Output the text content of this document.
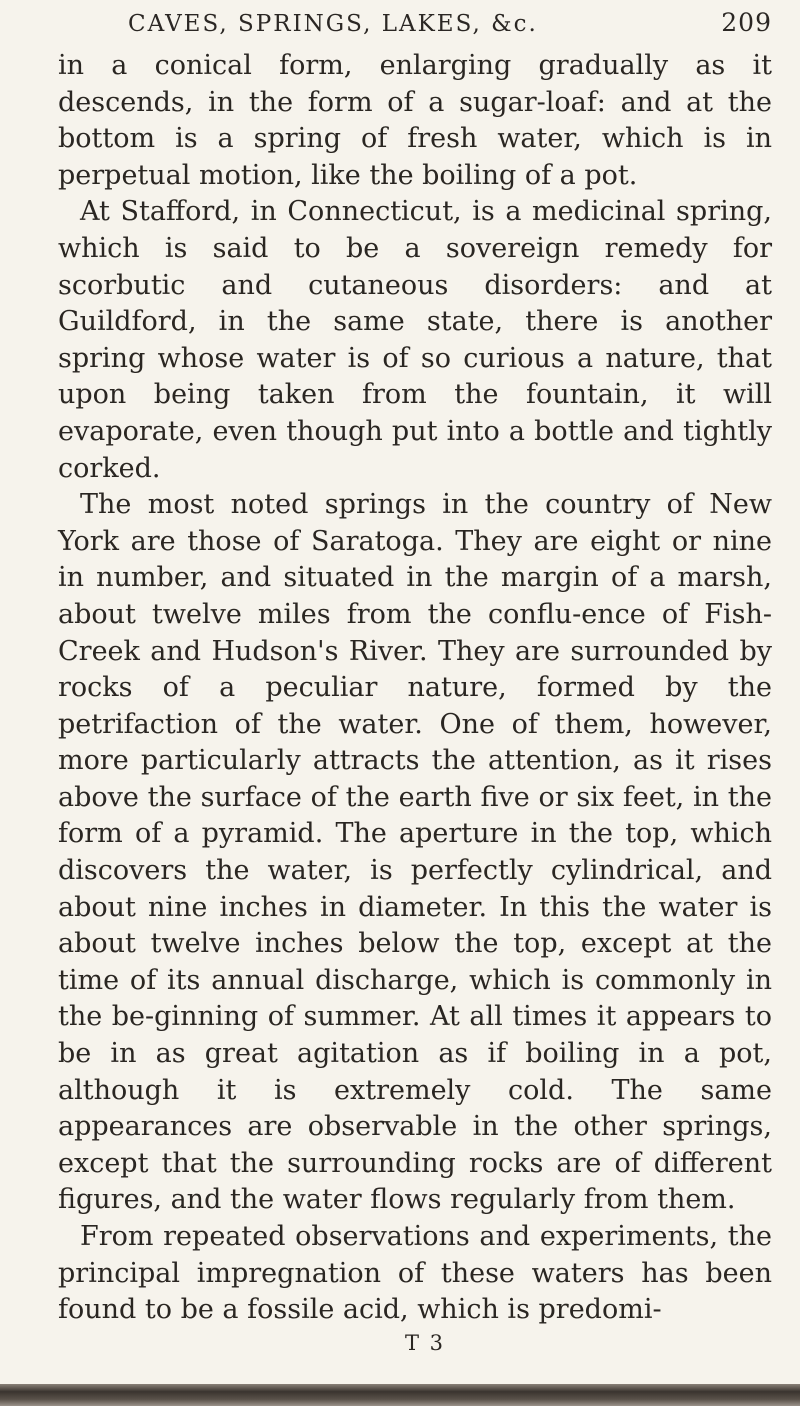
CAVES, SPRINGS, LAKES, &c.	209

in a conical form, enlarging gradually as it descends, in the form of a sugar-loaf: and at the bottom is a spring of fresh water, which is in perpetual motion, like the boiling of a pot.

At Stafford, in Connecticut, is a medicinal spring, which is said to be a sovereign remedy for scorbutic and cutaneous disorders: and at Guildford, in the same state, there is another spring whose water is of so curious a nature, that upon being taken from the fountain, it will evaporate, even though put into a bottle and tightly corked.

The most noted springs in the country of New York are those of Saratoga. They are eight or nine in number, and situated in the margin of a marsh, about twelve miles from the conflu-ence of Fish-Creek and Hudson's River. They are surrounded by rocks of a peculiar nature, formed by the petrifaction of the water. One of them, however, more particularly attracts the attention, as it rises above the surface of the earth five or six feet, in the form of a pyramid. The aperture in the top, which discovers the water, is perfectly cylindrical, and about nine inches in diameter. In this the water is about twelve inches below the top, except at the time of its annual discharge, which is commonly in the be-ginning of summer. At all times it appears to be in as great agitation as if boiling in a pot, although it is extremely cold. The same appearances are observable in the other springs, except that the surrounding rocks are of different figures, and the water flows regularly from them.

From repeated observations and experiments, the principal impregnation of these waters has been found to be a fossile acid, which is predomi-

T 3
